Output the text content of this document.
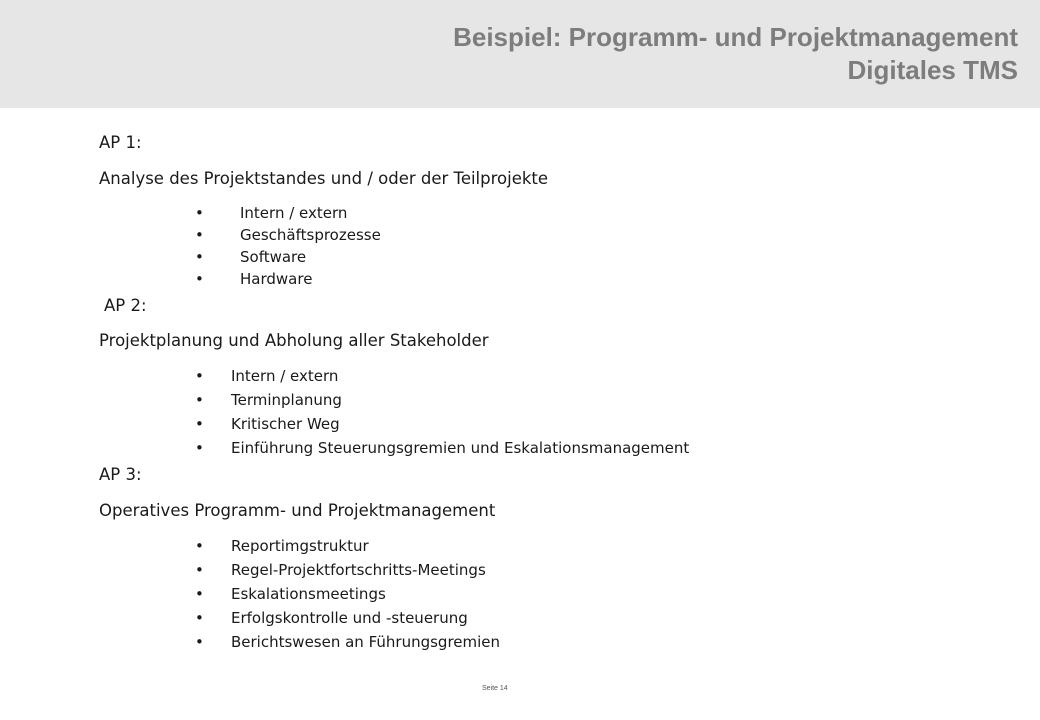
Beispiel: Programm- und Projektmanagement
Digitales TMS
AP 1:
Analyse des Projektstandes und / oder der Teilprojekte
• Intern / extern
• Geschäftsprozesse
• Software
• Hardware
AP 2:
Projektplanung und Abholung aller Stakeholder
• Intern / extern
• Terminplanung
• Kritischer Weg
• Einführung Steuerungsgremien und Eskalationsmanagement
AP 3:
Operatives Programm- und Projektmanagement
• Reportimgstruktur
• Regel-Projektfortschritts-Meetings
• Eskalationsmeetings
• Erfolgskontrolle und -steuerung
• Berichtswesen an Führungsgremien
Seite 14
